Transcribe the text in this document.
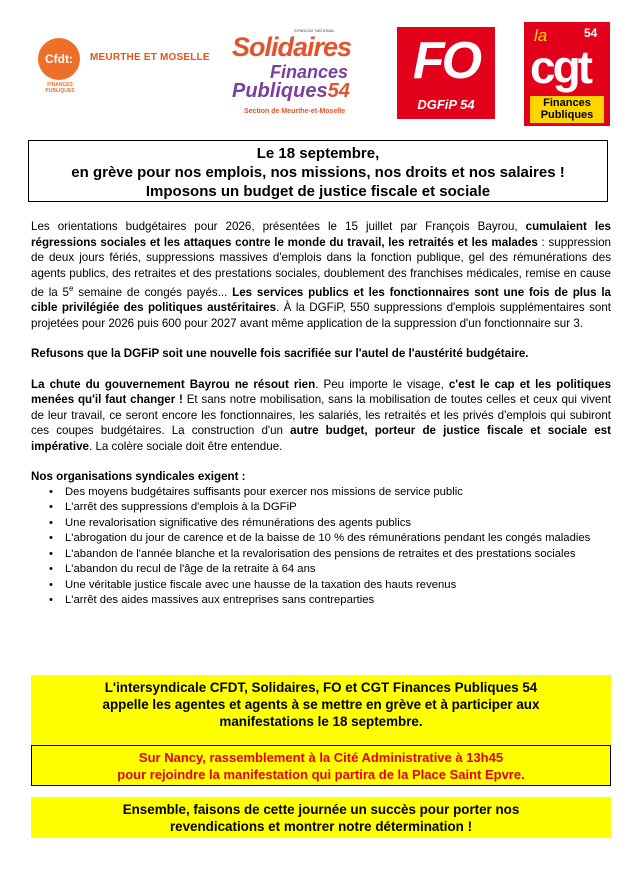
Cfdt:
FINANCES PUBLIQUES
MEURTHE ET MOSELLE
SYNDICAT NATIONAL
Solidaires
Finances
Publiques54
Section de Meurthe-et-Moselle
FO
DGFiP 54
la	54
cgt
Finances
Publiques
Le 18 septembre,
en grève pour nos emplois, nos missions, nos droits et nos salaires !
Imposons un budget de justice fiscale et sociale

Les orientations budgétaires pour 2026, présentées le 15 juillet par François Bayrou, cumulaient les régressions sociales et les attaques contre le monde du travail, les retraités et les malades : suppression de deux jours fériés, suppressions massives d'emplois dans la fonction publique, gel des rémunérations des agents publics, des retraites et des prestations sociales, doublement des franchises médicales, remise en cause de la 5e semaine de congés payés... Les services publics et les fonctionnaires sont une fois de plus la cible privilégiée des politiques austéritaires. À la DGFiP, 550 suppressions d'emplois supplémentaires sont projetées pour 2026 puis 600 pour 2027 avant même application de la suppression d'un fonctionnaire sur 3.

Refusons que la DGFiP soit une nouvelle fois sacrifiée sur l'autel de l'austérité budgétaire.

La chute du gouvernement Bayrou ne résout rien. Peu importe le visage, c'est le cap et les politiques menées qu'il faut changer ! Et sans notre mobilisation, sans la mobilisation de toutes celles et ceux qui vivent de leur travail, ce seront encore les fonctionnaires, les salariés, les retraités et les privés d'emplois qui subiront ces coupes budgétaires. La construction d'un autre budget, porteur de justice fiscale et sociale est impérative. La colère sociale doit être entendue.

Nos organisations syndicales exigent :
• Des moyens budgétaires suffisants pour exercer nos missions de service public
• L'arrêt des suppressions d'emplois à la DGFiP
• Une revalorisation significative des rémunérations des agents publics
• L'abrogation du jour de carence et de la baisse de 10 % des rémunérations pendant les congés maladies
• L'abandon de l'année blanche et la revalorisation des pensions de retraites et des prestations sociales
• L'abandon du recul de l'âge de la retraite à 64 ans
• Une véritable justice fiscale avec une hausse de la taxation des hauts revenus
• L'arrêt des aides massives aux entreprises sans contreparties
L'intersyndicale CFDT, Solidaires, FO et CGT Finances Publiques 54
appelle les agentes et agents à se mettre en grève et à participer aux
manifestations le 18 septembre.
Sur Nancy, rassemblement à la Cité Administrative à 13h45
pour rejoindre la manifestation qui partira de la Place Saint Epvre.
Ensemble, faisons de cette journée un succès pour porter nos
revendications et montrer notre détermination !
